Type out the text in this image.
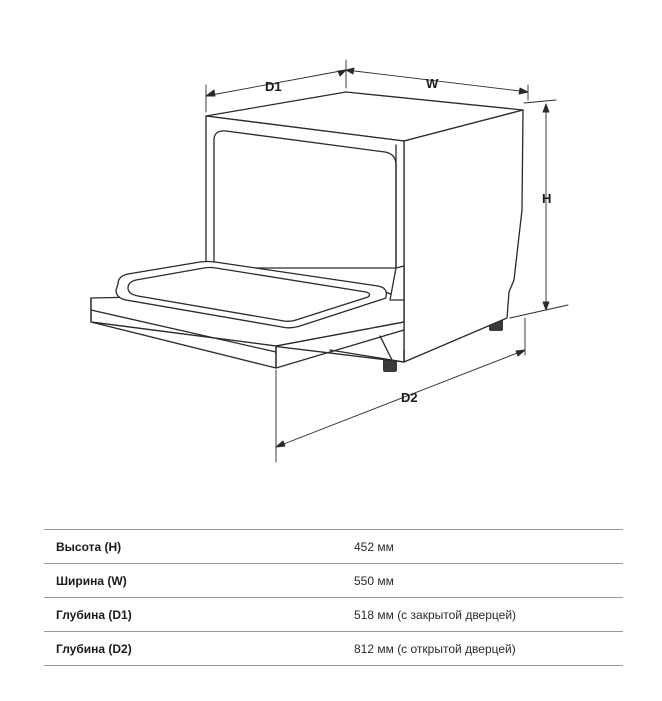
D1	W
H
D2
Высота (H)	452 мм
Ширина (W)	550 мм
Глубина (D1)	518 мм (с закрытой дверцей)
Глубина (D2)	812 мм (с открытой дверцей)
